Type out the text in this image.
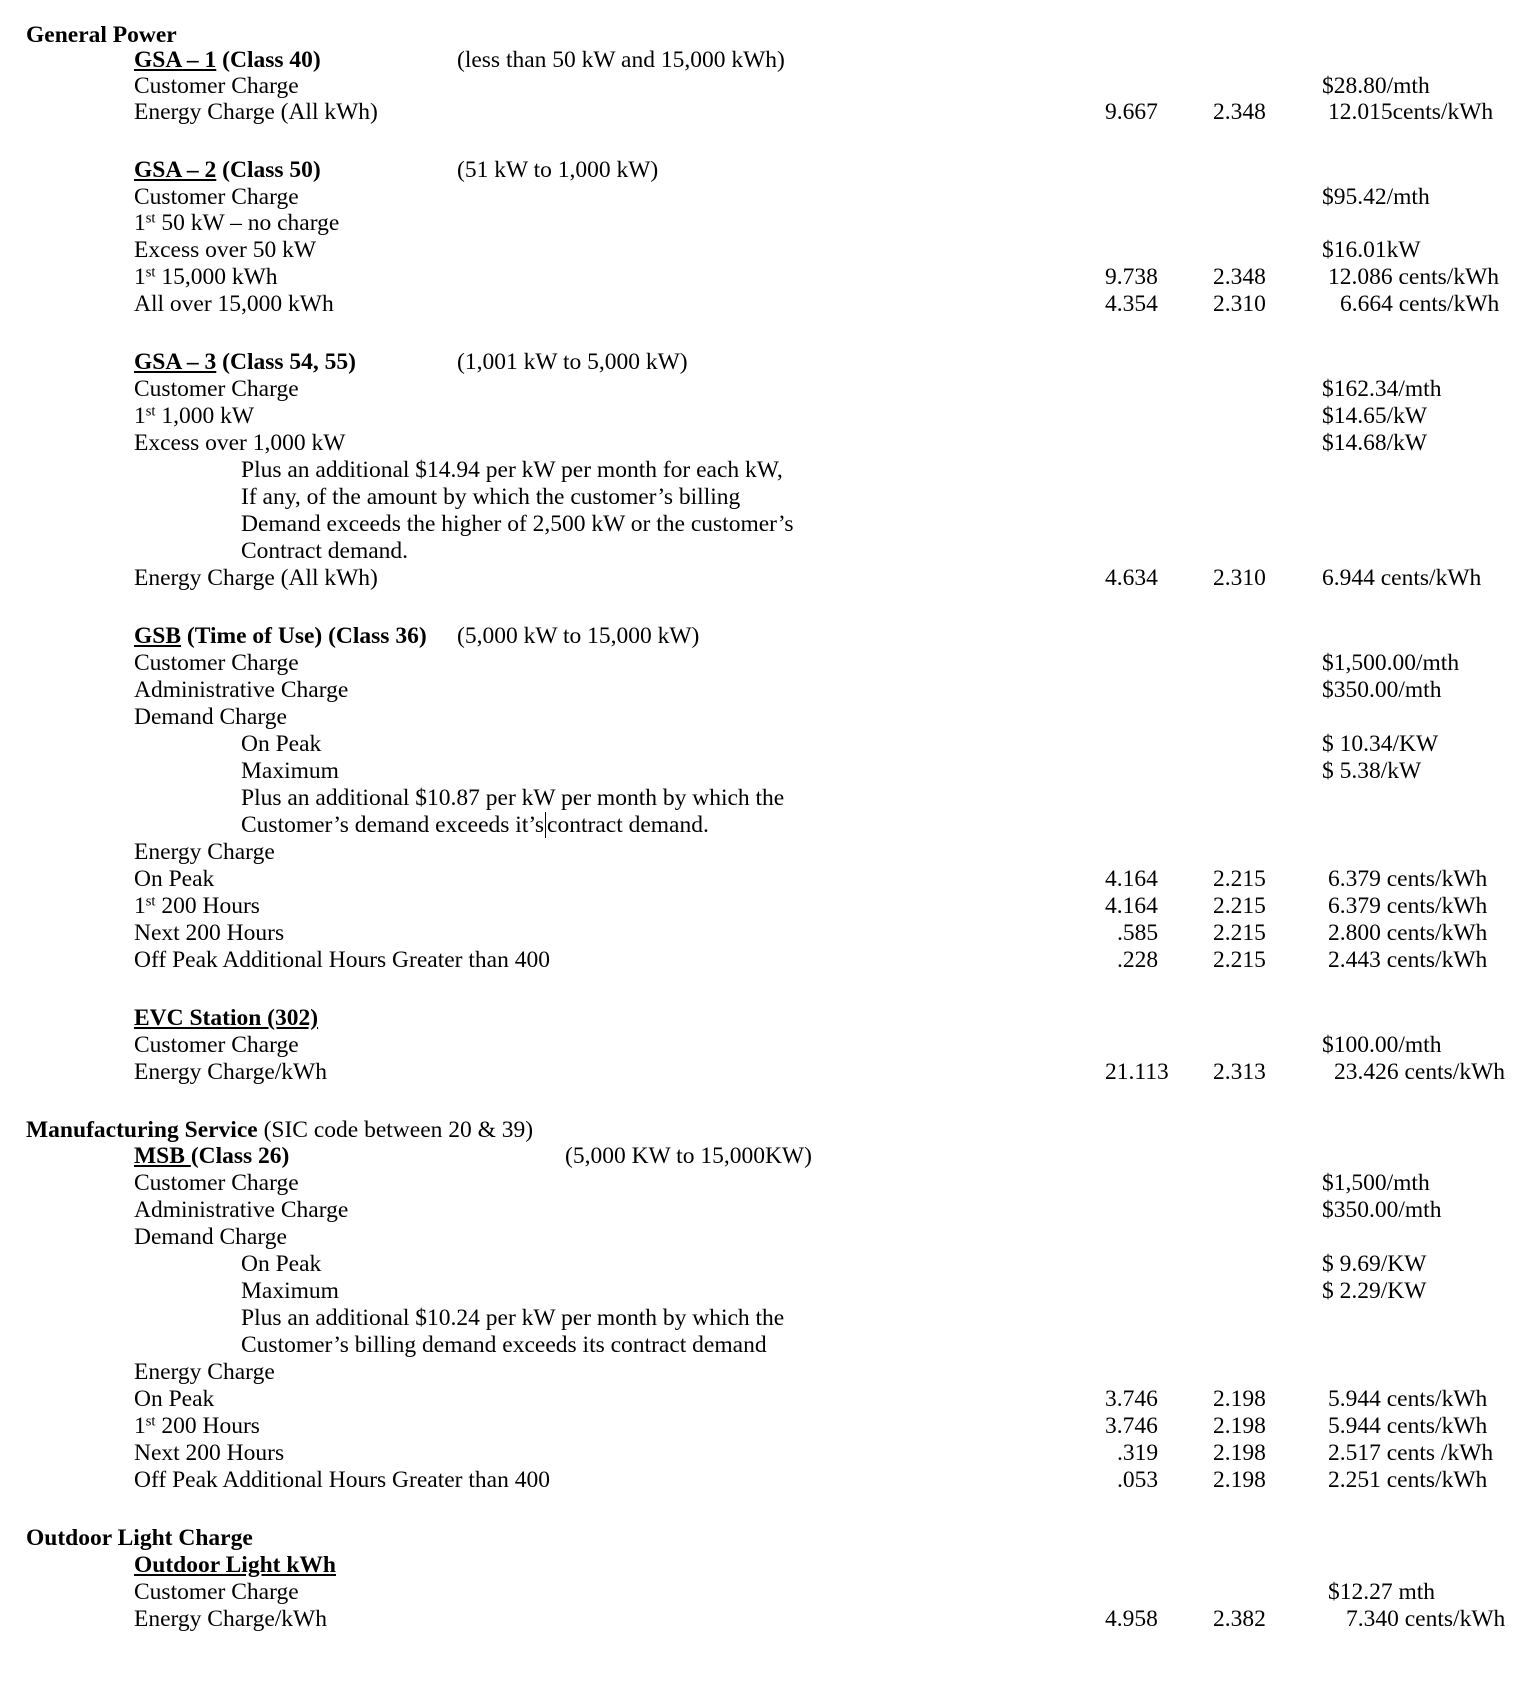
General Power
GSA – 1 (Class 40)	(less than 50 kW and 15,000 kWh)
Customer Charge	$28.80/mth
Energy Charge (All kWh)	9.667 2.348	12.015cents/kWh
GSA – 2 (Class 50)	(51 kW to 1,000 kW)
Customer Charge	$95.42/mth
1st 50 kW – no charge
Excess over 50 kW	$16.01kW
1st 15,000 kWh	9.738 2.348	12.086 cents/kWh
All over 15,000 kWh	4.354 2.310	6.664 cents/kWh
GSA – 3 (Class 54, 55)	(1,001 kW to 5,000 kW)
Customer Charge	$162.34/mth
1st 1,000 kW	$14.65/kW
Excess over 1,000 kW	$14.68/kW
Plus an additional $14.94 per kW per month for each kW,
If any, of the amount by which the customer’s billing
Demand exceeds the higher of 2,500 kW or the customer’s
Contract demand.
Energy Charge (All kWh)	4.634 2.310 6.944 cents/kWh
GSB (Time of Use) (Class 36) (5,000 kW to 15,000 kW)
Customer Charge	$1,500.00/mth
Administrative Charge	$350.00/mth
Demand Charge
On Peak	$ 10.34/KW
Maximum	$ 5.38/kW
Plus an additional $10.87 per kW per month by which the
Customer’s demand exceeds it’s contract demand.
Energy Charge
On Peak	4.164 2.215	6.379 cents/kWh
1st 200 Hours	4.164 2.215	6.379 cents/kWh
Next 200 Hours	.585 2.215	2.800 cents/kWh
Off Peak Additional Hours Greater than 400	.228 2.215	2.443 cents/kWh
EVC Station (302)
Customer Charge	$100.00/mth
Energy Charge/kWh	21.113 2.313	23.426 cents/kWh
Manufacturing Service (SIC code between 20 & 39)
MSB (Class 26)	(5,000 KW to 15,000KW)
Customer Charge	$1,500/mth
Administrative Charge	$350.00/mth
Demand Charge
On Peak	$ 9.69/KW
Maximum	$ 2.29/KW
Plus an additional $10.24 per kW per month by which the
Customer’s billing demand exceeds its contract demand
Energy Charge
On Peak	3.746 2.198	5.944 cents/kWh
1st 200 Hours	3.746 2.198	5.944 cents/kWh
Next 200 Hours	.319 2.198	2.517 cents /kWh
Off Peak Additional Hours Greater than 400	.053 2.198	2.251 cents/kWh
Outdoor Light Charge
Outdoor Light kWh
Customer Charge	$12.27 mth
Energy Charge/kWh	4.958 2.382	7.340 cents/kWh
